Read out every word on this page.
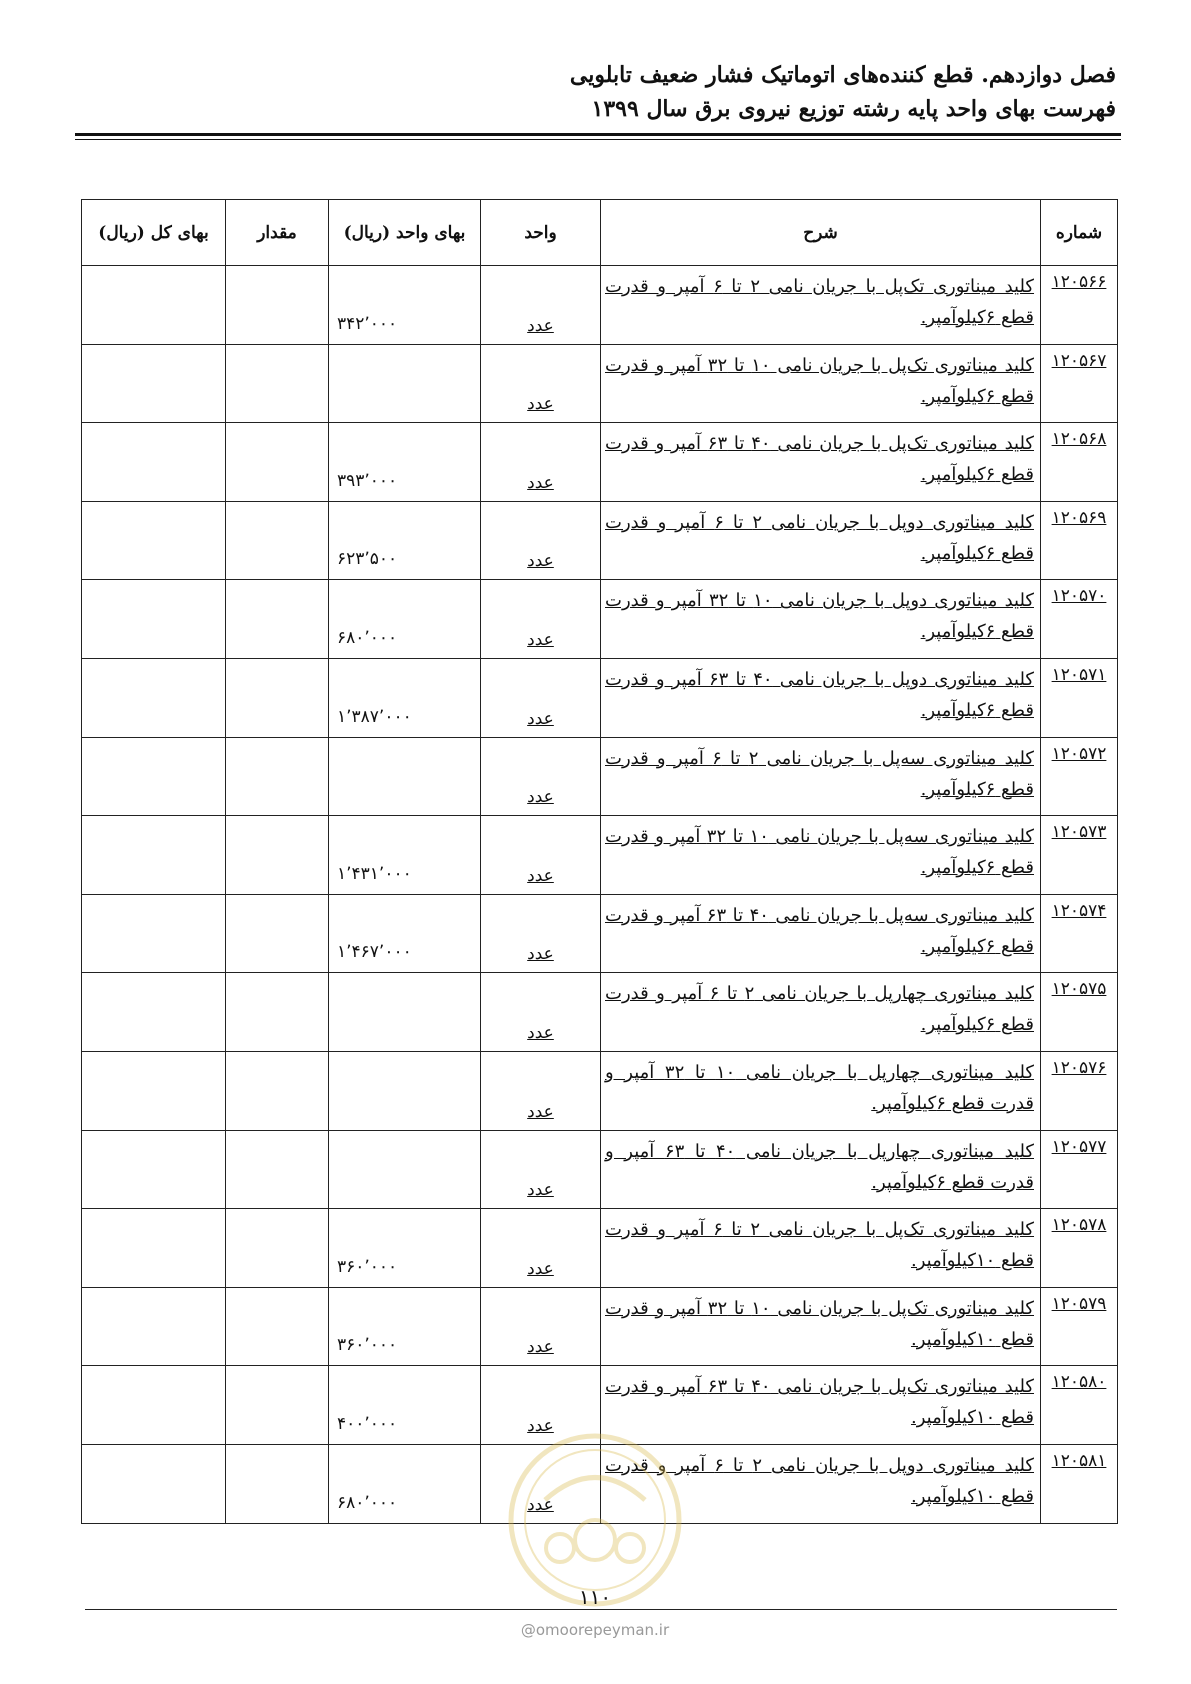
فصل دوازدهم. قطع کننده‌های اتوماتیک فشار ضعیف تابلویی
فهرست بهای واحد پایه رشته توزیع نیروی برق سال ۱۳۹۹
شماره	شرح	واحد	بهای واحد (ریال)	مقدار	بهای کل (ریال)
۱۲۰۵۶۶	کلید میناتوری تک‌پل با جریان نامی ۲ تا ۶ آمپر و قدرت قطع ۶کیلوآمپر.	عدد	۳۴۲٬۰۰۰		
۱۲۰۵۶۷	کلید میناتوری تک‌پل با جریان نامی ۱۰ تا ۳۲ آمپر و قدرت قطع ۶کیلوآمپر.	عدد			
۱۲۰۵۶۸	کلید میناتوری تک‌پل با جریان نامی ۴۰ تا ۶۳ آمپر و قدرت قطع ۶کیلوآمپر.	عدد	۳۹۳٬۰۰۰		
۱۲۰۵۶۹	کلید میناتوری دوپل با جریان نامی ۲ تا ۶ آمپر و قدرت قطع ۶کیلوآمپر.	عدد	۶۲۳٬۵۰۰		
۱۲۰۵۷۰	کلید میناتوری دوپل با جریان نامی ۱۰ تا ۳۲ آمپر و قدرت قطع ۶کیلوآمپر.	عدد	۶۸۰٬۰۰۰		
۱۲۰۵۷۱	کلید میناتوری دوپل با جریان نامی ۴۰ تا ۶۳ آمپر و قدرت قطع ۶کیلوآمپر.	عدد	۱٬۳۸۷٬۰۰۰		
۱۲۰۵۷۲	کلید میناتوری سه‌پل با جریان نامی ۲ تا ۶ آمپر و قدرت قطع ۶کیلوآمپر.	عدد			
۱۲۰۵۷۳	کلید میناتوری سه‌پل با جریان نامی ۱۰ تا ۳۲ آمپر و قدرت قطع ۶کیلوآمپر.	عدد	۱٬۴۳۱٬۰۰۰		
۱۲۰۵۷۴	کلید میناتوری سه‌پل با جریان نامی ۴۰ تا ۶۳ آمپر و قدرت قطع ۶کیلوآمپر.	عدد	۱٬۴۶۷٬۰۰۰		
۱۲۰۵۷۵	کلید میناتوری چهارپل با جریان نامی ۲ تا ۶ آمپر و قدرت قطع ۶کیلوآمپر.	عدد			
۱۲۰۵۷۶	کلید میناتوری چهارپل با جریان نامی ۱۰ تا ۳۲ آمپر و قدرت قطع ۶کیلوآمپر.	عدد			
۱۲۰۵۷۷	کلید میناتوری چهارپل با جریان نامی ۴۰ تا ۶۳ آمپر و قدرت قطع ۶کیلوآمپر.	عدد			
۱۲۰۵۷۸	کلید میناتوری تک‌پل با جریان نامی ۲ تا ۶ آمپر و قدرت قطع ۱۰کیلوآمپر.	عدد	۳۶۰٬۰۰۰		
۱۲۰۵۷۹	کلید میناتوری تک‌پل با جریان نامی ۱۰ تا ۳۲ آمپر و قدرت قطع ۱۰کیلوآمپر.	عدد	۳۶۰٬۰۰۰		
۱۲۰۵۸۰	کلید میناتوری تک‌پل با جریان نامی ۴۰ تا ۶۳ آمپر و قدرت قطع ۱۰کیلوآمپر.	عدد	۴۰۰٬۰۰۰		
۱۲۰۵۸۱	کلید میناتوری دوپل با جریان نامی ۲ تا ۶ آمپر و قدرت قطع ۱۰کیلوآمپر.	عدد	۶۸۰٬۰۰۰		
۱۱۰
@omoorepeyman.ir
